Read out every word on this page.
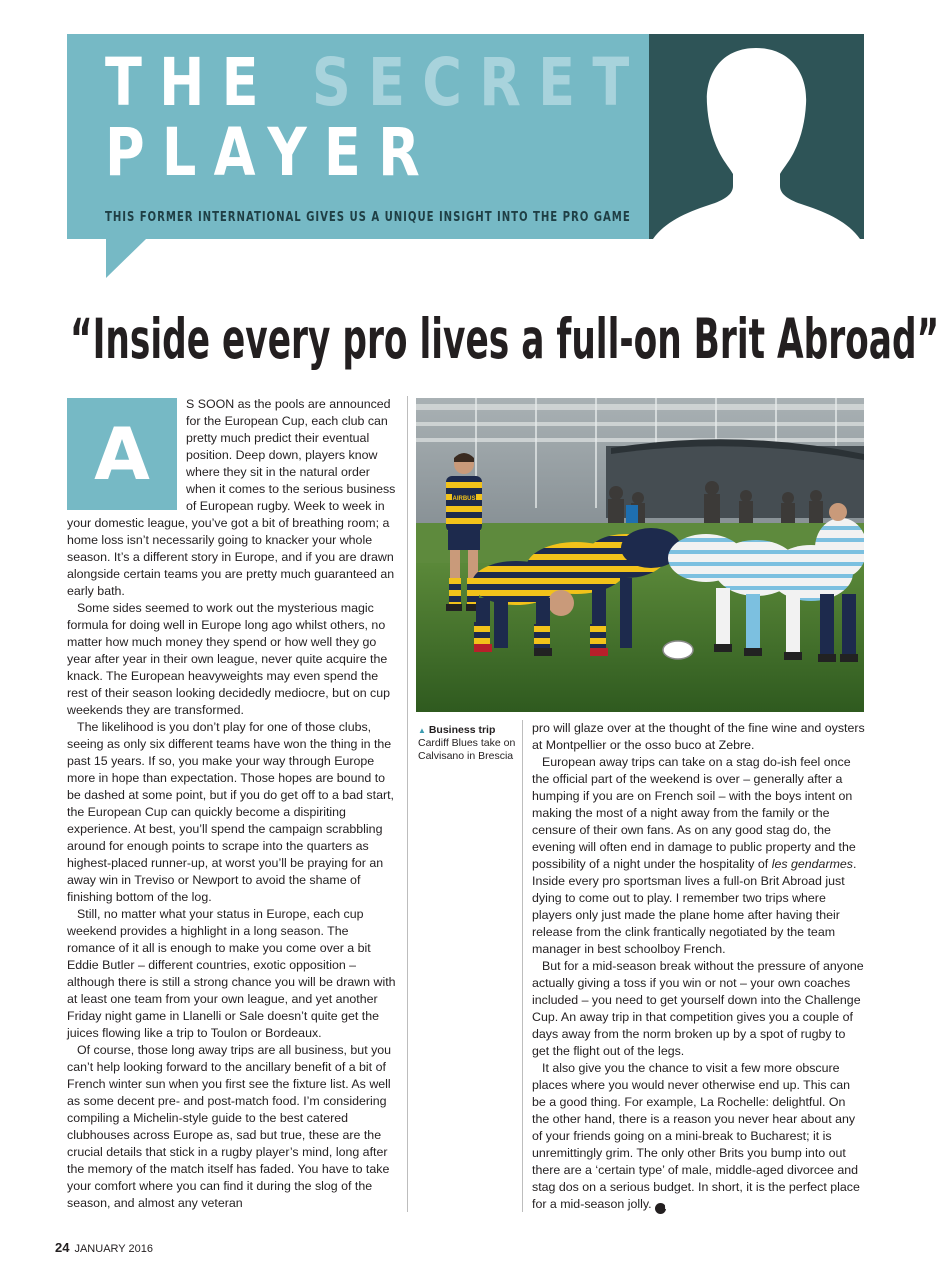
THE SECRET
PLAYER

THIS FORMER INTERNATIONAL GIVES US A UNIQUE INSIGHT INTO THE PRO GAME

“Inside every pro lives a full-on Brit Abroad”
A

S SOON as the pools are announced for the European Cup, each club can pretty much predict their eventual position. Deep down, players know where they sit in the natural order when it comes to the serious business of European rugby. Week to week in your domestic league, you’ve got a bit of breathing room; a home loss isn’t necessarily going to knacker your whole season. It’s a different story in Europe, and if you are drawn alongside certain teams you are pretty much guaranteed an early bath.

Some sides seemed to work out the mysterious magic formula for doing well in Europe long ago whilst others, no matter how much money they spend or how well they go year after year in their own league, never quite acquire the knack. The European heavyweights may even spend the rest of their season looking decidedly mediocre, but on cup weekends they are transformed.

The likelihood is you don’t play for one of those clubs, seeing as only six different teams have won the thing in the past 15 years. If so, you make your way through Europe more in hope than expectation. Those hopes are bound to be dashed at some point, but if you do get off to a bad start, the European Cup can quickly become a dispiriting experience. At best, you’ll spend the campaign scrabbling around for enough points to scrape into the quarters as highest-placed runner-up, at worst you’ll be praying for an away win in Treviso or Newport to avoid the shame of finishing bottom of the log.

Still, no matter what your status in Europe, each cup weekend provides a highlight in a long season. The romance of it all is enough to make you come over a bit Eddie Butler – different countries, exotic opposition – although there is still a strong chance you will be drawn with at least one team from your own league, and yet another Friday night game in Llanelli or Sale doesn’t quite get the juices flowing like a trip to Toulon or Bordeaux.

Of course, those long away trips are all business, but you can’t help looking forward to the ancillary benefit of a bit of French winter sun when you first see the fixture list. As well as some decent pre- and post-match food. I’m considering compiling a Michelin-style guide to the best catered clubhouses across Europe as, sad but true, these are the crucial details that stick in a rugby player’s mind, long after the memory of the match itself has faded. You have to take your comfort where you can find it during the slog of the season, and almost any veteran

AIRBUS
▲ Business trip
Cardiff Blues take on Calvisano in Brescia

pro will glaze over at the thought of the fine wine and oysters at Montpellier or the osso buco at Zebre.

European away trips can take on a stag do-ish feel once the official part of the weekend is over – generally after a humping if you are on French soil – with the boys intent on making the most of a night away from the family or the censure of their own fans. As on any good stag do, the evening will often end in damage to public property and the possibility of a night under the hospitality of les gendarmes. Inside every pro sportsman lives a full-on Brit Abroad just dying to come out to play. I remember two trips where players only just made the plane home after having their release from the clink frantically negotiated by the team manager in best schoolboy French.

But for a mid-season break without the pressure of anyone actually giving a toss if you win or not – your own coaches included – you need to get yourself down into the Challenge Cup. An away trip in that competition gives you a couple of days away from the norm broken up by a spot of rugby to get the flight out of the legs.

It also give you the chance to visit a few more obscure places where you would never otherwise end up. This can be a good thing. For example, La Rochelle: delightful. On the other hand, there is a reason you never hear about any of your friends going on a mini-break to Bucharest; it is unremittingly grim. The only other Brits you bump into out there are a ‘certain type’ of male, middle-aged divorcee and stag dos on a serious budget. In short, it is the perfect place for a mid-season jolly. RW

24 JANUARY 2016
